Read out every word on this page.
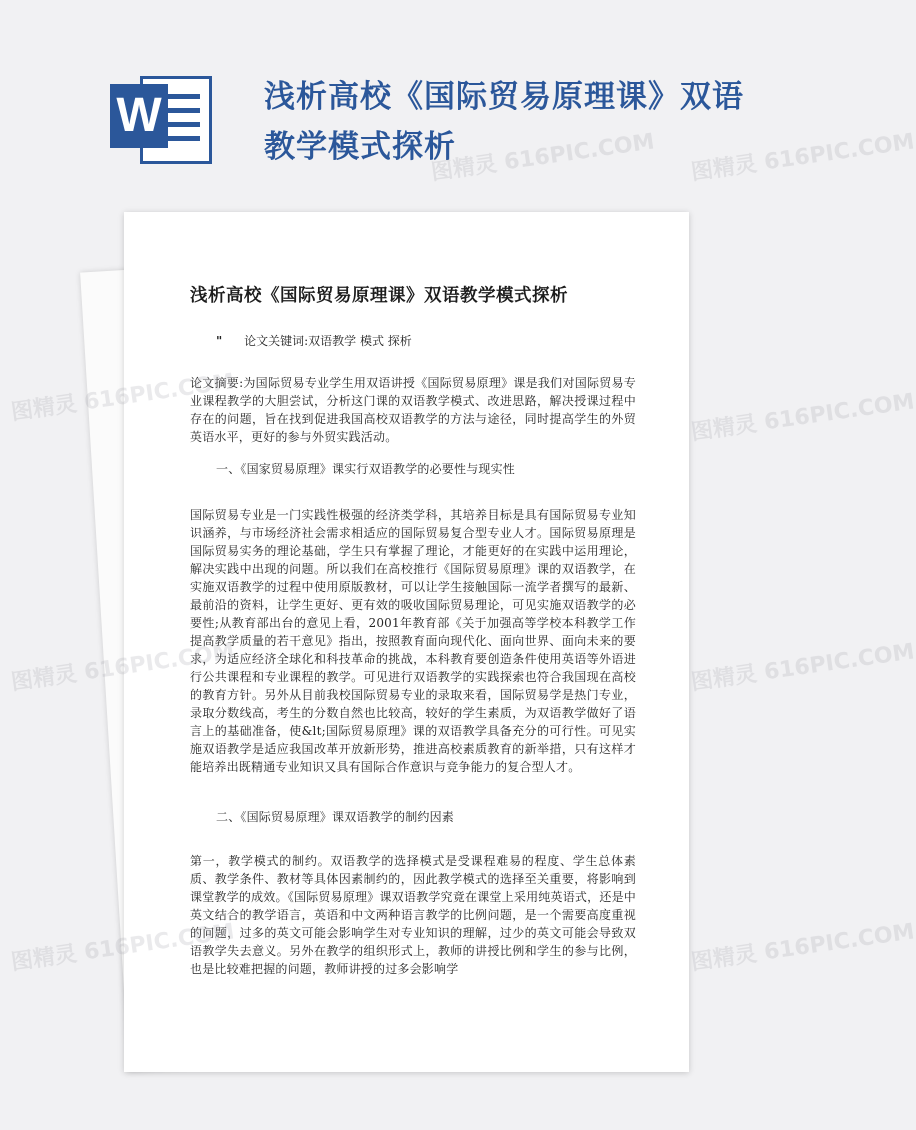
W	浅析高校《国际贸易原理课》双语教学模式探析
浅析高校《国际贸易原理课》双语教学模式探析
" 论文关键词:双语教学 模式 探析
论文摘要:为国际贸易专业学生用双语讲授《国际贸易原理》课是我们对国际贸易专业课程教学的大胆尝试，分析这门课的双语教学模式、改进思路，解决授课过程中存在的问题，旨在找到促进我国高校双语教学的方法与途径，同时提高学生的外贸英语水平，更好的参与外贸实践活动。
一、《国家贸易原理》课实行双语教学的必要性与现实性
国际贸易专业是一门实践性极强的经济类学科，其培养目标是具有国际贸易专业知识涵养，与市场经济社会需求相适应的国际贸易复合型专业人才。国际贸易原理是国际贸易实务的理论基础，学生只有掌握了理论，才能更好的在实践中运用理论，解决实践中出现的问题。所以我们在高校推行《国际贸易原理》课的双语教学，在实施双语教学的过程中使用原版教材，可以让学生接触国际一流学者撰写的最新、最前沿的资料，让学生更好、更有效的吸收国际贸易理论，可见实施双语教学的必要性;从教育部出台的意见上看，2001年教育部《关于加强高等学校本科教学工作提高教学质量的若干意见》指出，按照教育面向现代化、面向世界、面向未来的要求，为适应经济全球化和科技革命的挑战，本科教育要创造条件使用英语等外语进行公共课程和专业课程的教学。可见进行双语教学的实践探索也符合我国现在高校的教育方针。另外从目前我校国际贸易专业的录取来看，国际贸易学是热门专业，录取分数线高，考生的分数自然也比较高，较好的学生素质，为双语教学做好了语言上的基础准备，使&lt;国际贸易原理》课的双语教学具备充分的可行性。可见实施双语教学是适应我国改革开放新形势，推进高校素质教育的新举措，只有这样才能培养出既精通专业知识又具有国际合作意识与竞争能力的复合型人才。
二、《国际贸易原理》课双语教学的制约因素
第一，教学模式的制约。双语教学的选择模式是受课程难易的程度、学生总体素质、教学条件、教材等具体因素制约的，因此教学模式的选择至关重要，将影响到课堂教学的成效。《国际贸易原理》课双语教学究竟在课堂上采用纯英语式，还是中英文结合的教学语言，英语和中文两种语言教学的比例问题，是一个需要高度重视的问题，过多的英文可能会影响学生对专业知识的理解，过少的英文可能会导致双语教学失去意义。另外在教学的组织形式上，教师的讲授比例和学生的参与比例，也是比较难把握的问题，教师讲授的过多会影响学
图精灵 616PIC.COM 图精灵 616PIC.COM
图精灵 616PIC.COM	图精灵 616PIC.COM
图精灵 616PIC.COM	图精灵 616PIC.COM
图精灵 616PIC.COM	图精灵 616PIC.COM
